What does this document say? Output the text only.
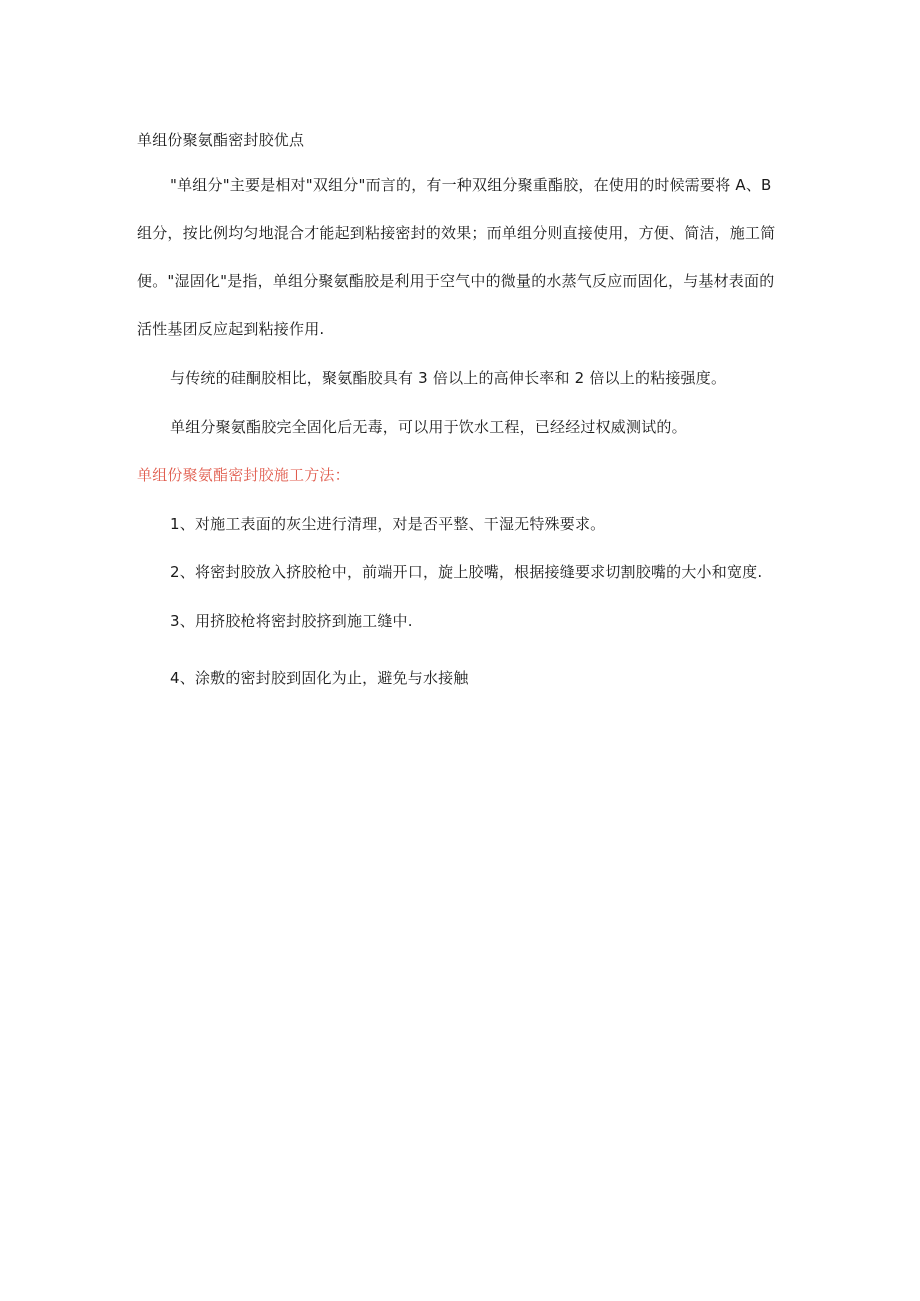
单组份聚氨酯密封胶优点
"单组分"主要是相对"双组分"而言的，有一种双组分聚重酯胶，在使用的时候需要将 A、B
组分，按比例均匀地混合才能起到粘接密封的效果；而单组分则直接使用，方便、简洁，施工简
便。"湿固化"是指，单组分聚氨酯胶是利用于空气中的微量的水蒸气反应而固化，与基材表面的
活性基团反应起到粘接作用.
与传统的硅酮胶相比，聚氨酯胶具有 3 倍以上的高伸长率和 2 倍以上的粘接强度。
单组分聚氨酯胶完全固化后无毒，可以用于饮水工程，已经经过权威测试的。
单组份聚氨酯密封胶施工方法：
1、对施工表面的灰尘进行清理，对是否平整、干湿无特殊要求。
2、将密封胶放入挤胶枪中，前端开口，旋上胶嘴，根据接缝要求切割胶嘴的大小和宽度.
3、用挤胶枪将密封胶挤到施工缝中.
4、涂敷的密封胶到固化为止，避免与水接触
